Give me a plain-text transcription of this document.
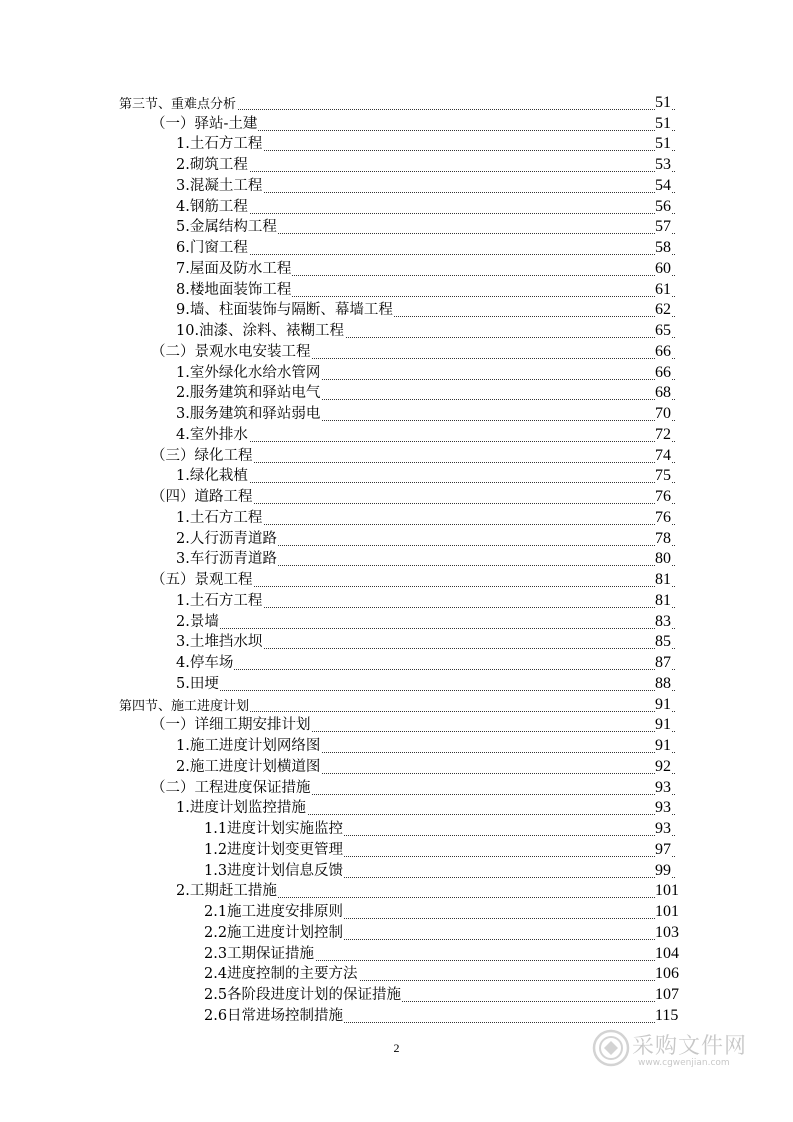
第三节、重难点分析	51
（一）驿站-土建	51
1.土石方工程	51
2.砌筑工程	53
3.混凝土工程	54
4.钢筋工程	56
5.金属结构工程	57
6.门窗工程	58
7.屋面及防水工程	60
8.楼地面装饰工程	61
9.墙、柱面装饰与隔断、幕墙工程	62
10.油漆、涂料、裱糊工程	65
（二）景观水电安装工程	66
1.室外绿化水给水管网	66
2.服务建筑和驿站电气	68
3.服务建筑和驿站弱电	70
4.室外排水	72
（三）绿化工程	74
1.绿化栽植	75
（四）道路工程	76
1.土石方工程	76
2.人行沥青道路	78
3.车行沥青道路	80
（五）景观工程	81
1.土石方工程	81
2.景墙	83
3.土堆挡水坝	85
4.停车场	87
5.田埂	88
第四节、施工进度计划	91
（一）详细工期安排计划	91
1.施工进度计划网络图	91
2.施工进度计划横道图	92
（二）工程进度保证措施	93
1.进度计划监控措施	93
1.1进度计划实施监控	93
1.2进度计划变更管理	97
1.3进度计划信息反馈	99
2.工期赶工措施	101
2.1施工进度安排原则	101
2.2施工进度计划控制	103
2.3工期保证措施	104
2.4进度控制的主要方法	106
2.5各阶段进度计划的保证措施	107
2.6日常进场控制措施	115
2	采购文件网
www.cgwenjian.com
